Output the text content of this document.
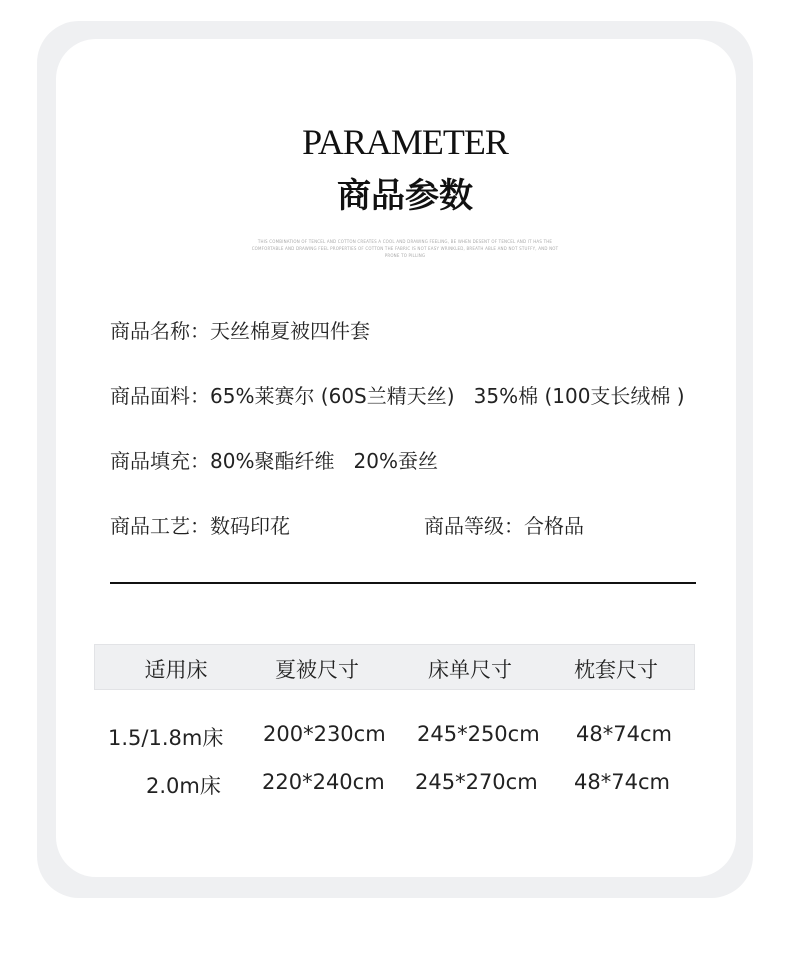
PARAMETER
商品参数
THIS COMBINATION OF TENCEL AND COTTON CREATES A COOL AND DRAWING FEELING, BE WHEN DESENT OF TENCEL AND IT HAS THE COMFORTABLE AND DRAWING FEEL PROPERTIES OF COTTON THE FABRIC IS NOT EASY WRINKLED, BREATH ABLE AND NOT STUFFY, AND NOT PRONE TO PILLING
商品名称：天丝棉夏被四件套
商品面料：65%莱赛尔 (60S兰精天丝)   35%棉 (100支长绒棉 )
商品填充：80%聚酯纤维   20%蚕丝
商品工艺：数码印花	商品等级：合格品
适用床	夏被尺寸	床单尺寸	枕套尺寸
1.5/1.8m床 200*230cm 245*250cm 48*74cm
2.0m床 220*240cm 245*270cm 48*74cm
